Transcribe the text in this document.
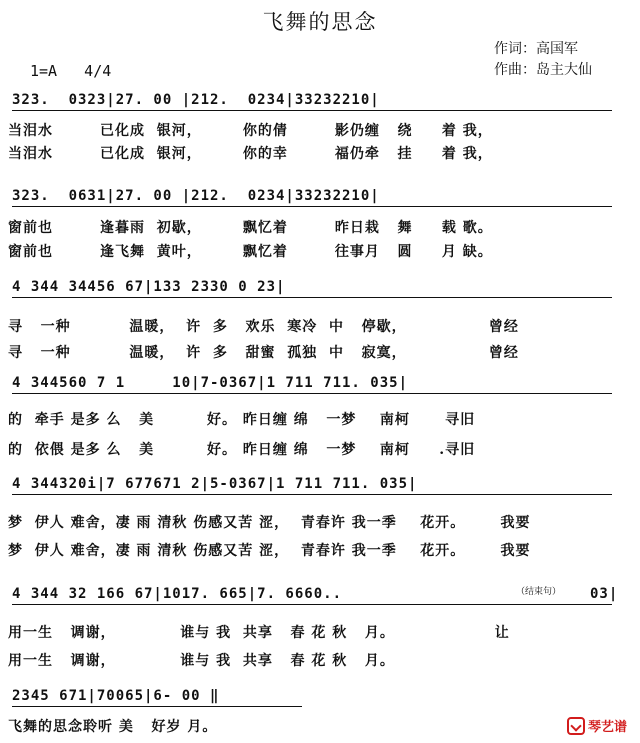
飞舞的思念
作词：高国军
作曲：岛主大仙
1=A   4/4
323.  0323|27. 00 |212.  0234|33232210|
当泪水        已化成  银河，       你的倩        影仍缠   绕     着 我，
当泪水        已化成  银河，       你的幸        福仍牵   挂     着 我，
323.  0631|27. 00 |212.  0234|33232210|
窗前也        逢暮雨  初歇，       飘忆着        昨日栽   舞     载 歌。
窗前也        逢飞舞  黄叶，       飘忆着        往事月   圆     月 缺。
4 344 34456 67|133 2330 0 23|
寻   一种          温暖，  许  多   欢乐  寒冷  中   停歇，              曾经
寻   一种          温暖，  许  多   甜蜜  孤独  中   寂寞，              曾经
4 344560 7 1     10|7-0367|1 711 711. 035|
的  牵手 是多 么   美         好。 昨日缠 绵   一梦    南柯      寻旧
的  依偎 是多 么   美         好。 昨日缠 绵   一梦    南柯     .寻旧
4 344320i|7 677671 2|5-0367|1 711 711. 035|
梦  伊人 难舍，凄 雨 清秋 伤感又苦 涩，  青春许 我一季    花开。      我要
梦  伊人 难舍，凄 雨 清秋 伤感又苦 涩，  青春许 我一季    花开。      我要
4 344 32 166 67|1017. 665|7. 6660..	（结束句） 03|
用一生   调谢，           谁与 我  共享   春 花 秋   月。                 让
用一生   调谢，           谁与 我  共享   春 花 秋   月。
2345 671|70065|6- 00 ‖
飞舞的思念聆听 美   好岁 月。	琴艺谱
